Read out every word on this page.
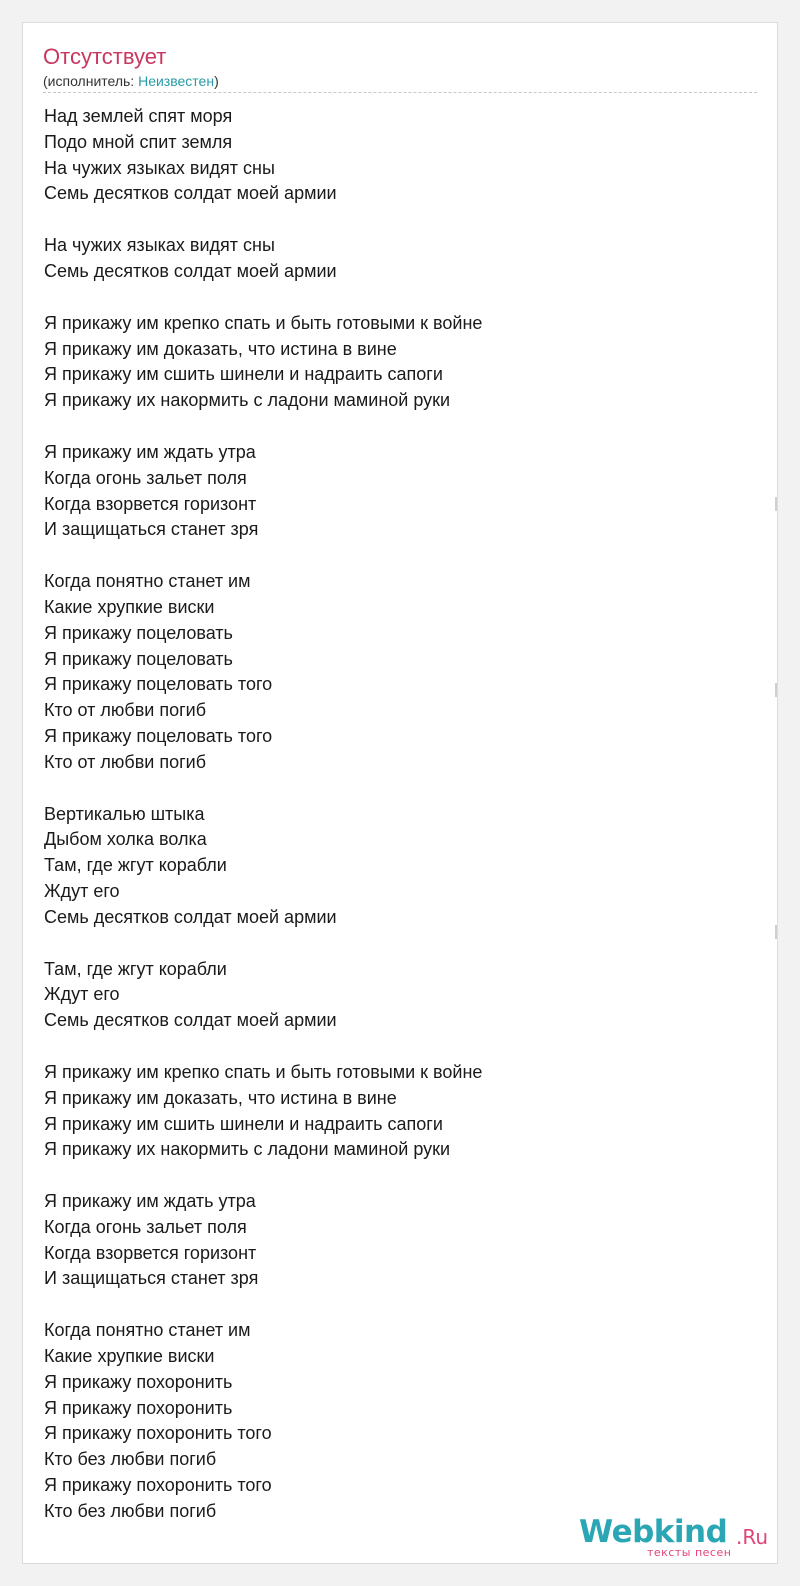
Отсутствует
(исполнитель: Неизвестен)
Над землей спят моря
Подо мной спит земля
На чужих языках видят сны
Семь десятков солдат моей армии
На чужих языках видят сны
Семь десятков солдат моей армии
Я прикажу им крепко спать и быть готовыми к войне
Я прикажу им доказать, что истина в вине
Я прикажу им сшить шинели и надраить сапоги
Я прикажу их накормить с ладони маминой руки
Я прикажу им ждать утра
Когда огонь зальет поля
Когда взорвется горизонт
И защищаться станет зря
Когда понятно станет им
Какие хрупкие виски
Я прикажу поцеловать
Я прикажу поцеловать
Я прикажу поцеловать того
Кто от любви погиб
Я прикажу поцеловать того
Кто от любви погиб
Вертикалью штыка
Дыбом холка волка
Там, где жгут корабли
Ждут его
Семь десятков солдат моей армии
Там, где жгут корабли
Ждут его
Семь десятков солдат моей армии
Я прикажу им крепко спать и быть готовыми к войне
Я прикажу им доказать, что истина в вине
Я прикажу им сшить шинели и надраить сапоги
Я прикажу их накормить с ладони маминой руки
Я прикажу им ждать утра
Когда огонь зальет поля
Когда взорвется горизонт
И защищаться станет зря
Когда понятно станет им
Какие хрупкие виски
Я прикажу похоронить
Я прикажу похоронить
Я прикажу похоронить того
Кто без любви погиб
Я прикажу похоронить того
Кто без любви погиб
Webkind .Ru
тексты песен
